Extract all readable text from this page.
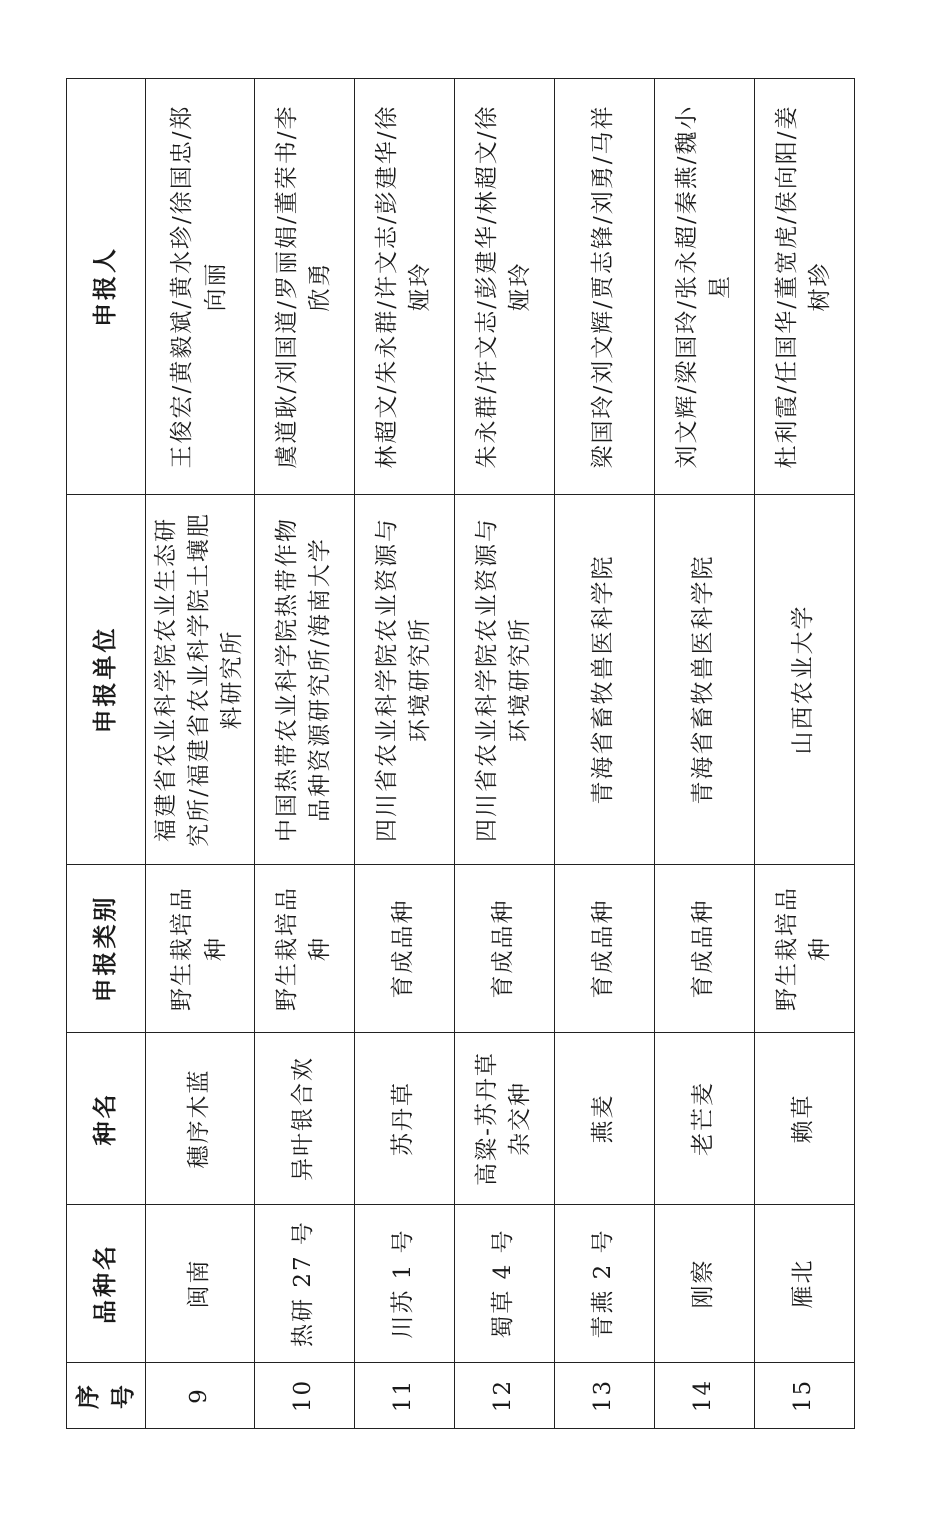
序号	品种名	种名	申报类别	申报单位	申报人
9	闽南	穗序木蓝	野生栽培品种	福建省农业科学院农业生态研究所/福建省农业科学院土壤肥料研究所	王俊宏/黄毅斌/黄水珍/徐国忠/郑向丽
10	热研 27 号	异叶银合欢	野生栽培品种	中国热带农业科学院热带作物品种资源研究所/海南大学	虞道耿/刘国道/罗丽娟/董荣书/李欣勇
11	川苏 1 号	苏丹草	育成品种	四川省农业科学院农业资源与环境研究所	林超文/朱永群/许文志/彭建华/徐娅玲
12	蜀草 4 号	高粱-苏丹草杂交种	育成品种	四川省农业科学院农业资源与环境研究所	朱永群/许文志/彭建华/林超文/徐娅玲
13	青燕 2 号	燕麦	育成品种	青海省畜牧兽医科学院	梁国玲/刘文辉/贾志锋/刘勇/马祥
14	刚察	老芒麦	育成品种	青海省畜牧兽医科学院	刘文辉/梁国玲/张永超/秦燕/魏小星
15	雁北	赖草	野生栽培品种	山西农业大学	杜利霞/任国华/董宽虎/侯向阳/姜树珍
